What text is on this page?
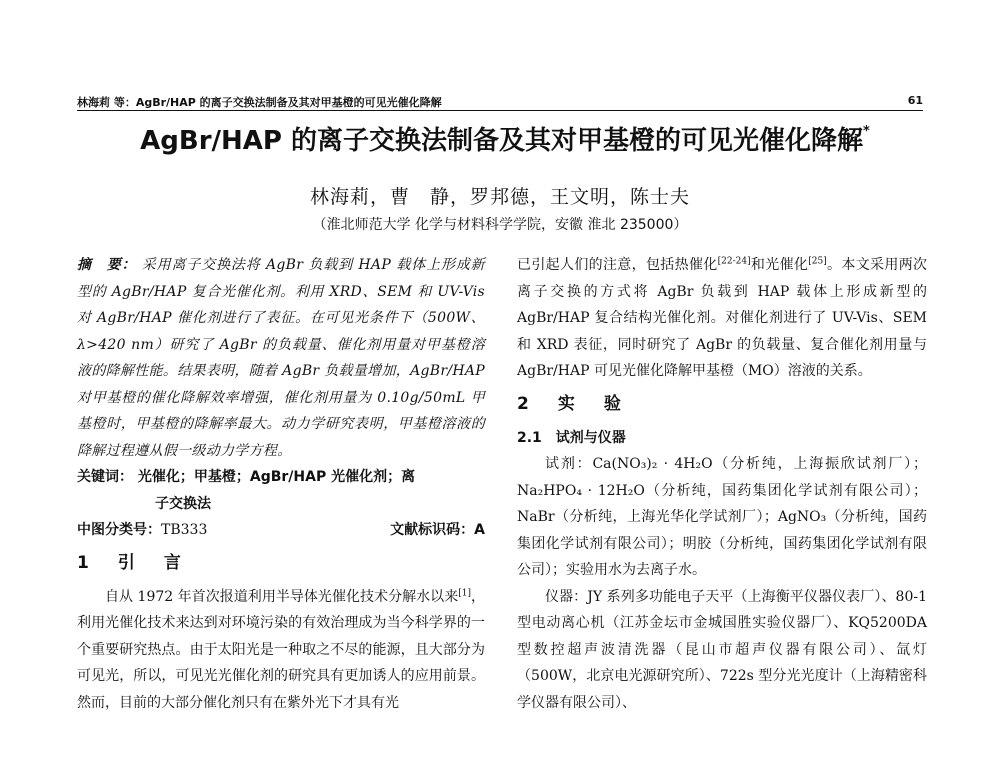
林海莉 等：AgBr/HAP 的离子交换法制备及其对甲基橙的可见光催化降解	61
AgBr/HAP 的离子交换法制备及其对甲基橙的可见光催化降解*
林海莉，曹　静，罗邦德，王文明，陈士夫
（淮北师范大学 化学与材料科学学院，安徽 淮北 235000）

摘　要： 采用离子交换法将 AgBr 负载到 HAP 载体上形成新型的 AgBr/HAP 复合光催化剂。利用 XRD、SEM 和 UV-Vis 对 AgBr/HAP 催化剂进行了表征。在可见光条件下（500W、λ>420 nm）研究了 AgBr 的负载量、催化剂用量对甲基橙溶液的降解性能。结果表明，随着 AgBr 负载量增加，AgBr/HAP 对甲基橙的催化降解效率增强，催化剂用量为 0.10g/50mL 甲基橙时，甲基橙的降解率最大。动力学研究表明，甲基橙溶液的降解过程遵从假一级动力学方程。

关键词： 光催化；甲基橙；AgBr/HAP 光催化剂；离
子交换法

中图分类号：TB333	文献标识码：A
1　引　言

自从 1972 年首次报道利用半导体光催化技术分解水以来[1]，利用光催化技术来达到对环境污染的有效治理成为当今科学界的一个重要研究热点。由于太阳光是一种取之不尽的能源，且大部分为可见光，所以，可见光光催化剂的研究具有更加诱人的应用前景。然而，目前的大部分催化剂只有在紫外光下才具有光

已引起人们的注意，包括热催化[22-24]和光催化[25]。本文采用两次离子交换的方式将 AgBr 负载到 HAP 载体上形成新型的 AgBr/HAP 复合结构光催化剂。对催化剂进行了 UV-Vis、SEM 和 XRD 表征，同时研究了 AgBr 的负载量、复合催化剂用量与 AgBr/HAP 可见光催化降解甲基橙（MO）溶液的关系。

2　实　验
2.1　试剂与仪器

试剂：Ca(NO₃)₂ · 4H₂O（分析纯，上海振欣试剂厂）；Na₂HPO₄ · 12H₂O（分析纯，国药集团化学试剂有限公司）；NaBr（分析纯，上海光华化学试剂厂）；AgNO₃（分析纯，国药集团化学试剂有限公司）；明胶（分析纯，国药集团化学试剂有限公司）；实验用水为去离子水。

仪器：JY 系列多功能电子天平（上海衡平仪器仪表厂）、80-1 型电动离心机（江苏金坛市金城国胜实验仪器厂）、KQ5200DA 型数控超声波清洗器（昆山市超声仪器有限公司）、氙灯（500W，北京电光源研究所）、722s 型分光光度计（上海精密科学仪器有限公司）、
